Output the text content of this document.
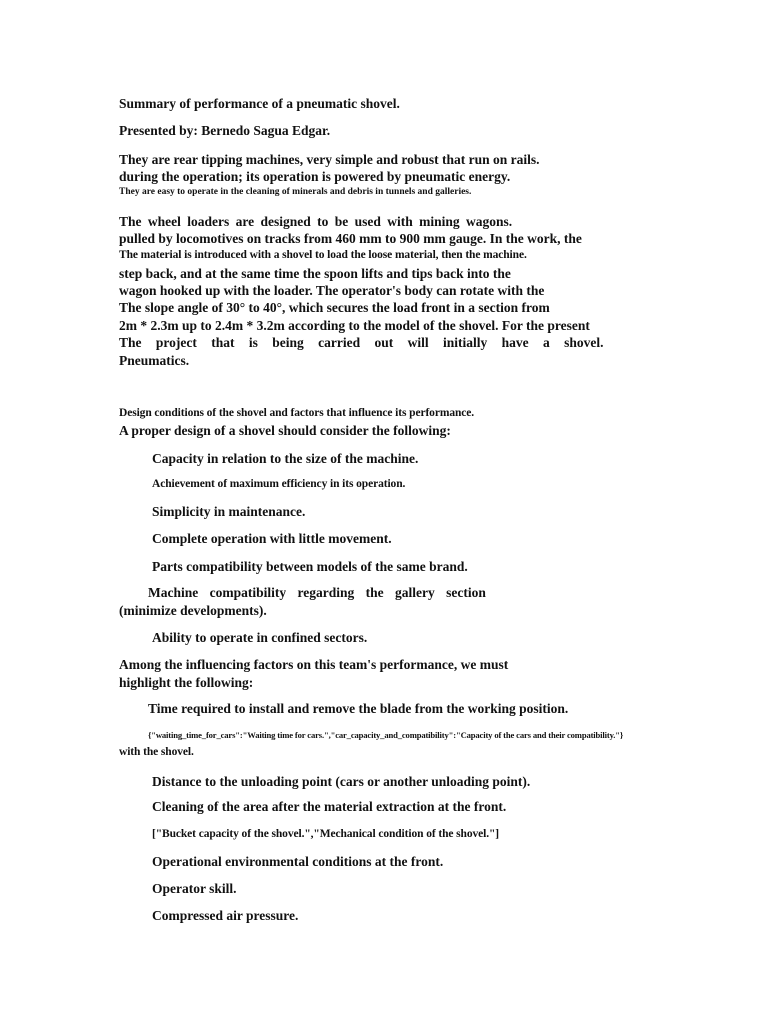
Summary of performance of a pneumatic shovel.

Presented by: Bernedo Sagua Edgar.

They are rear tipping machines, very simple and robust that run on rails.

during the operation; its operation is powered by pneumatic energy.

They are easy to operate in the cleaning of minerals and debris in tunnels and galleries.

The wheel loaders are designed to be used with mining wagons.

pulled by locomotives on tracks from 460 mm to 900 mm gauge. In the work, the

The material is introduced with a shovel to load the loose material, then the machine.

step back, and at the same time the spoon lifts and tips back into the

wagon hooked up with the loader. The operator's body can rotate with the

The slope angle of 30° to 40°, which secures the load front in a section from

2m * 2.3m up to 2.4m * 3.2m according to the model of the shovel. For the present

The project that is being carried out will initially have a shovel.

Pneumatics.

Design conditions of the shovel and factors that influence its performance.

A proper design of a shovel should consider the following:

Capacity in relation to the size of the machine.

Achievement of maximum efficiency in its operation.

Simplicity in maintenance.

Complete operation with little movement.

Parts compatibility between models of the same brand.

Machine compatibility regarding the gallery section

(minimize developments).

Ability to operate in confined sectors.

Among the influencing factors on this team's performance, we must

highlight the following:

Time required to install and remove the blade from the working position.

{"waiting_time_for_cars":"Waiting time for cars.","car_capacity_and_compatibility":"Capacity of the cars and their compatibility."}

with the shovel.

Distance to the unloading point (cars or another unloading point).

Cleaning of the area after the material extraction at the front.

["Bucket capacity of the shovel.","Mechanical condition of the shovel."]

Operational environmental conditions at the front.

Operator skill.

Compressed air pressure.
